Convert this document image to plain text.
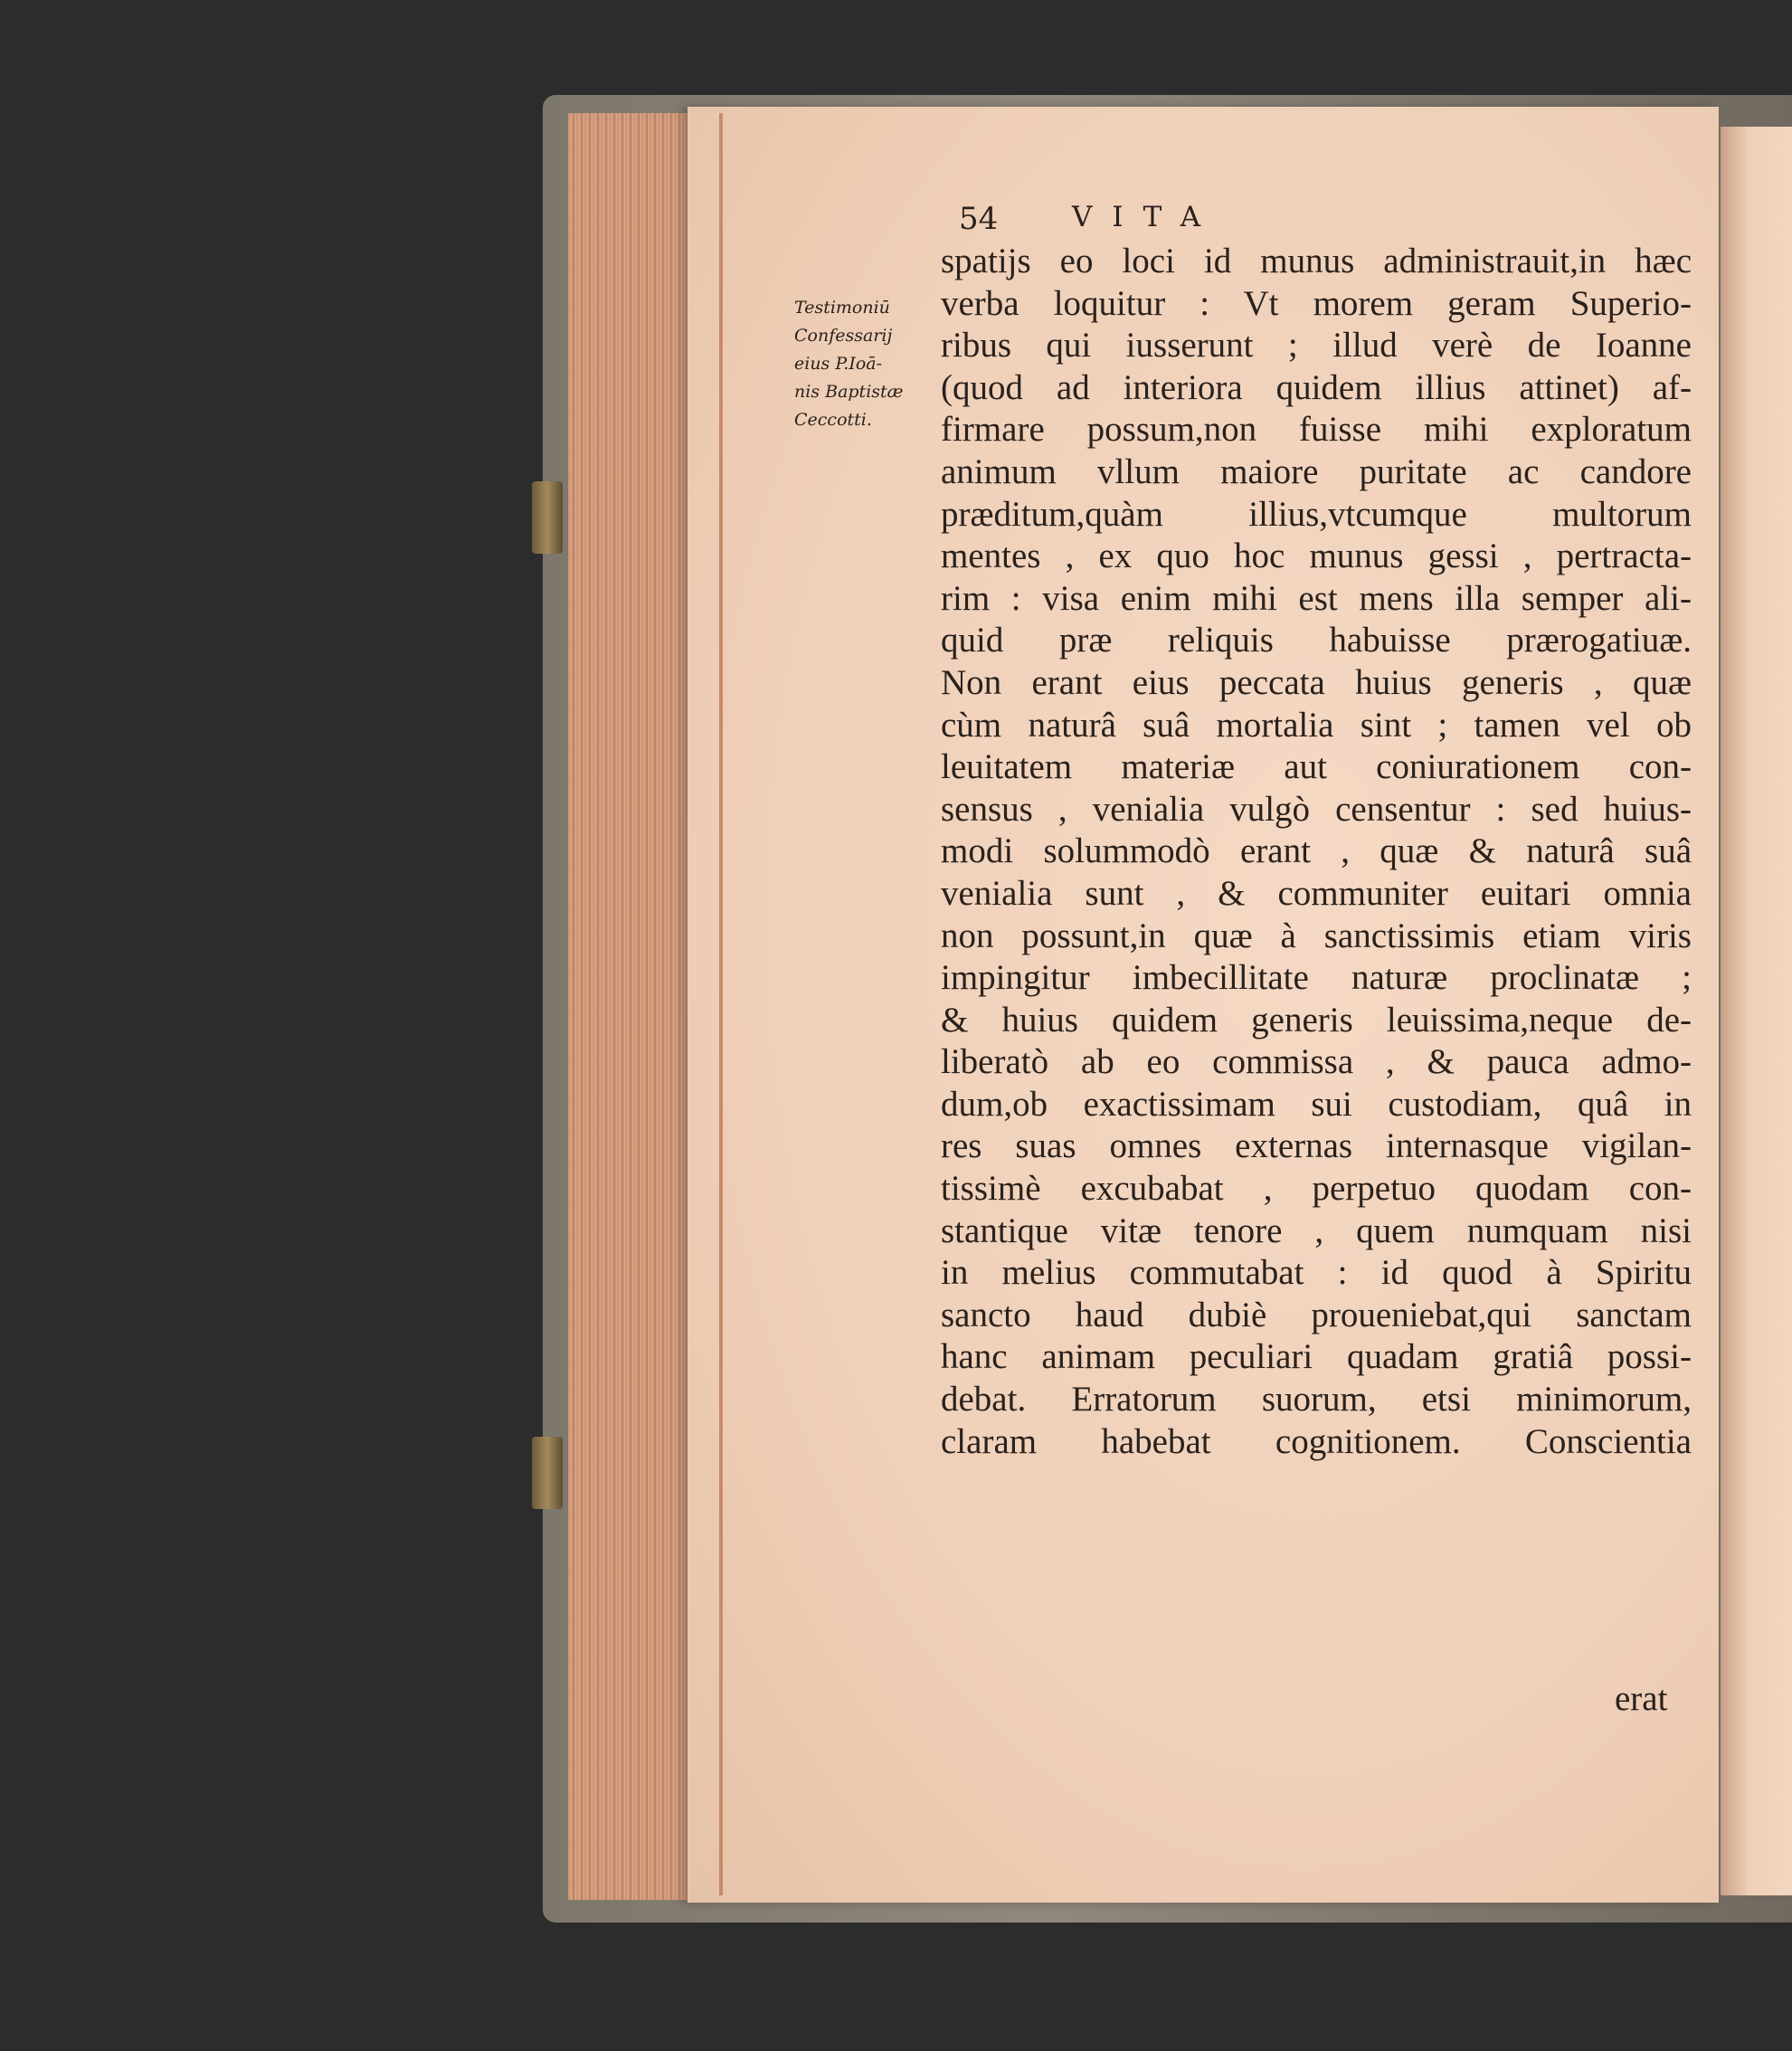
54	VITA
Testimoniū
Confessarij
eius P.Ioā-
nis Baptistæ
Ceccotti.
spatijs eo loci id munus administrauit,in hæc
verba loquitur : Vt morem geram Superio-
ribus qui iusserunt ; illud verè de Ioanne
(quod ad interiora quidem illius attinet) af-
firmare possum,non fuisse mihi exploratum
animum vllum maiore puritate ac candore
præditum,quàm illius,vtcumque multorum
mentes , ex quo hoc munus gessi , pertracta-
rim : visa enim mihi est mens illa semper ali-
quid præ reliquis habuisse prærogatiuæ.
Non erant eius peccata huius generis , quæ
cùm naturâ suâ mortalia sint ; tamen vel ob
leuitatem materiæ aut coniurationem con-
sensus , venialia vulgò censentur : sed huius-
modi solummodò erant , quæ & naturâ suâ
venialia sunt , & communiter euitari omnia
non possunt,in quæ à sanctissimis etiam viris
impingitur imbecillitate naturæ proclinatæ ;
& huius quidem generis leuissima,neque de-
liberatò ab eo commissa , & pauca admo-
dum,ob exactissimam sui custodiam, quâ in
res suas omnes externas internasque vigilan-
tissimè excubabat , perpetuo quodam con-
stantique vitæ tenore , quem numquam nisi
in melius commutabat : id quod à Spiritu
sancto haud dubiè proueniebat,qui sanctam
hanc animam peculiari quadam gratiâ possi-
debat. Erratorum suorum, etsi minimorum,
claram habebat cognitionem. Conscientia
erat
